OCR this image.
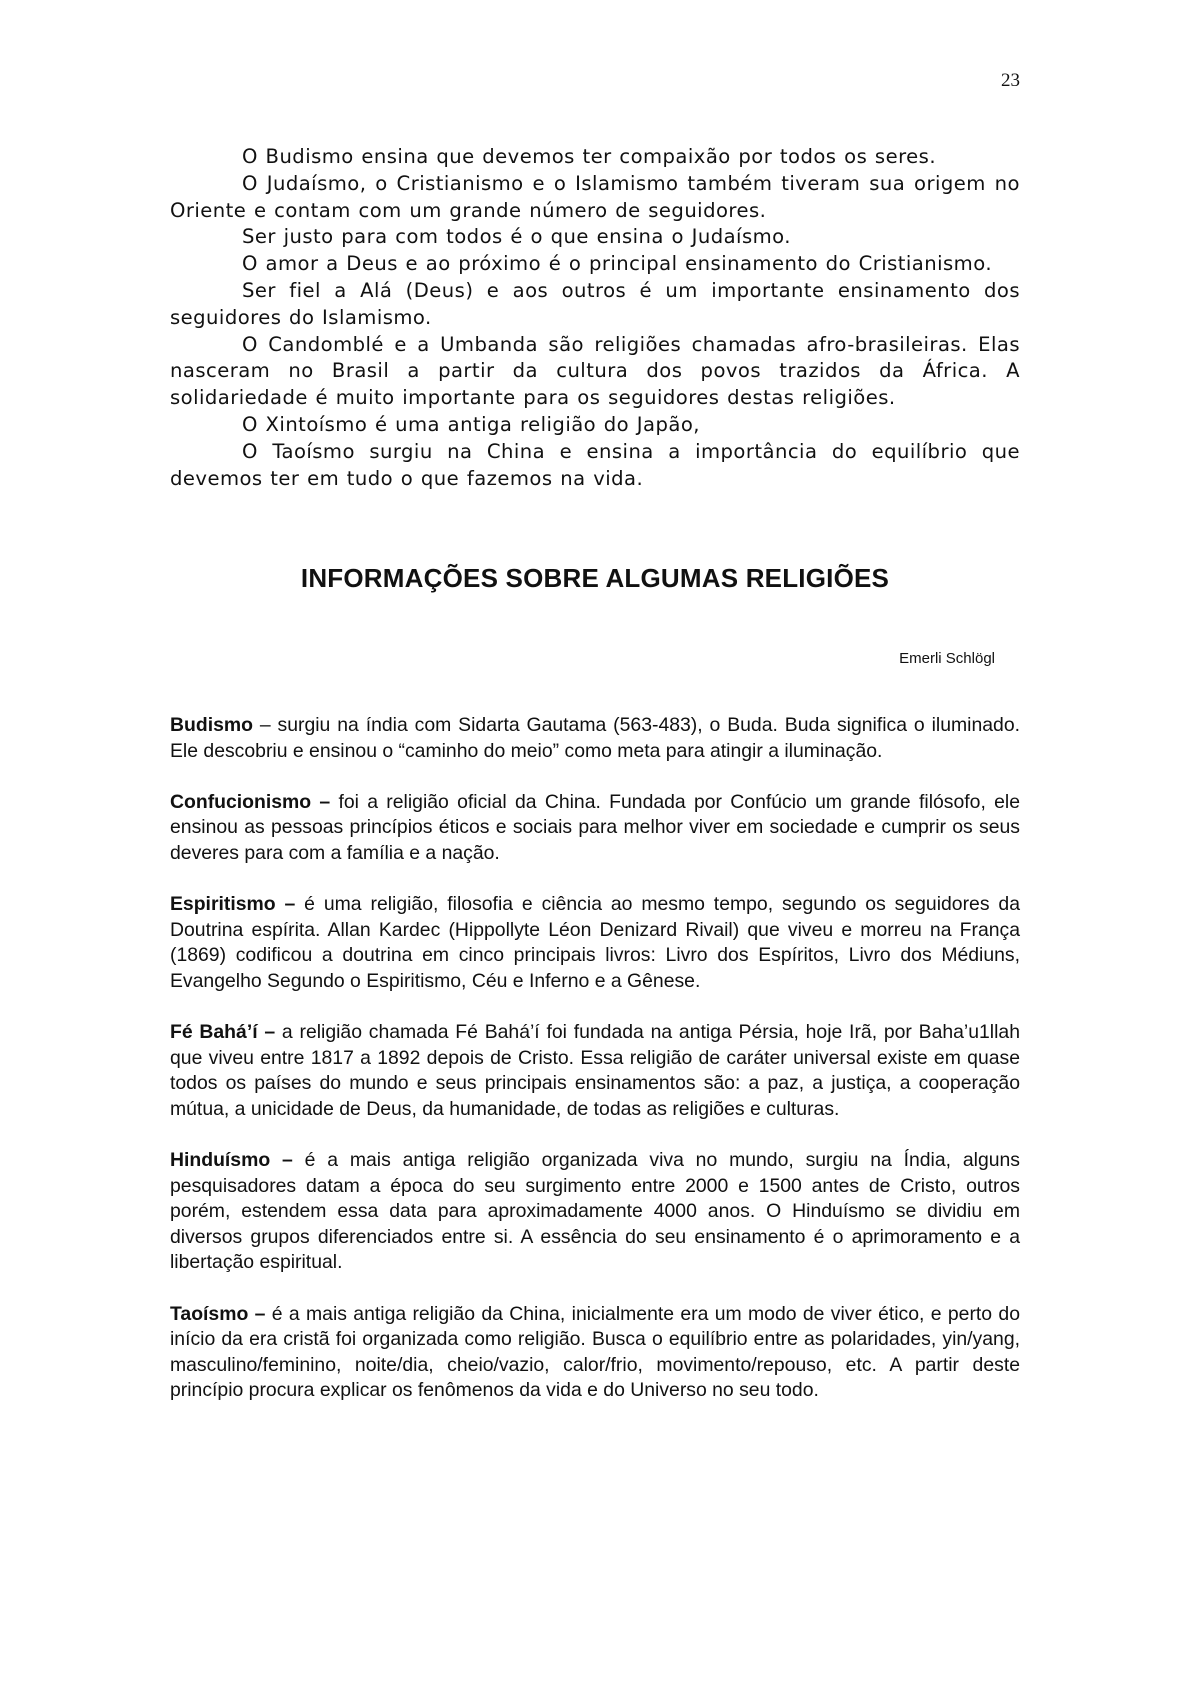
23

O Budismo ensina que devemos ter compaixão por todos os seres.

O Judaísmo, o Cristianismo e o Islamismo também tiveram sua origem no Oriente e contam com um grande número de seguidores.

Ser justo para com todos é o que ensina o Judaísmo.

O amor a Deus e ao próximo é o principal ensinamento do Cristianismo.

Ser fiel a Alá (Deus) e aos outros é um importante ensinamento dos seguidores do Islamismo.

O Candomblé e a Umbanda são religiões chamadas afro-brasileiras. Elas nasceram no Brasil a partir da cultura dos povos trazidos da África. A solidariedade é muito importante para os seguidores destas religiões.

O Xintoísmo é uma antiga religião do Japão,

O Taoísmo surgiu na China e ensina a importância do equilíbrio que devemos ter em tudo o que fazemos na vida.

INFORMAÇÕES SOBRE ALGUMAS RELIGIÕES
Emerli Schlögl

Budismo – surgiu na índia com Sidarta Gautama (563-483), o Buda. Buda significa o iluminado. Ele descobriu e ensinou o “caminho do meio” como meta para atingir a iluminação.

Confucionismo – foi a religião oficial da China. Fundada por Confúcio um grande filósofo, ele ensinou as pessoas princípios éticos e sociais para melhor viver em sociedade e cumprir os seus deveres para com a família e a nação.

Espiritismo – é uma religião, filosofia e ciência ao mesmo tempo, segundo os seguidores da Doutrina espírita. Allan Kardec (Hippollyte Léon Denizard Rivail) que viveu e morreu na França (1869) codificou a doutrina em cinco principais livros: Livro dos Espíritos, Livro dos Médiuns, Evangelho Segundo o Espiritismo, Céu e Inferno e a Gênese.

Fé Bahá’í – a religião chamada Fé Bahá’í foi fundada na antiga Pérsia, hoje Irã, por Baha’u1llah que viveu entre 1817 a 1892 depois de Cristo. Essa religião de caráter universal existe em quase todos os países do mundo e seus principais ensinamentos são: a paz, a justiça, a cooperação mútua, a unicidade de Deus, da humanidade, de todas as religiões e culturas.

Hinduísmo – é a mais antiga religião organizada viva no mundo, surgiu na Índia, alguns pesquisadores datam a época do seu surgimento entre 2000 e 1500 antes de Cristo, outros porém, estendem essa data para aproximadamente 4000 anos. O Hinduísmo se dividiu em diversos grupos diferenciados entre si. A essência do seu ensinamento é o aprimoramento e a libertação espiritual.

Taoísmo – é a mais antiga religião da China, inicialmente era um modo de viver ético, e perto do início da era cristã foi organizada como religião. Busca o equilíbrio entre as polaridades, yin/yang, masculino/feminino, noite/dia, cheio/vazio, calor/frio, movimento/repouso, etc. A partir deste princípio procura explicar os fenômenos da vida e do Universo no seu todo.
